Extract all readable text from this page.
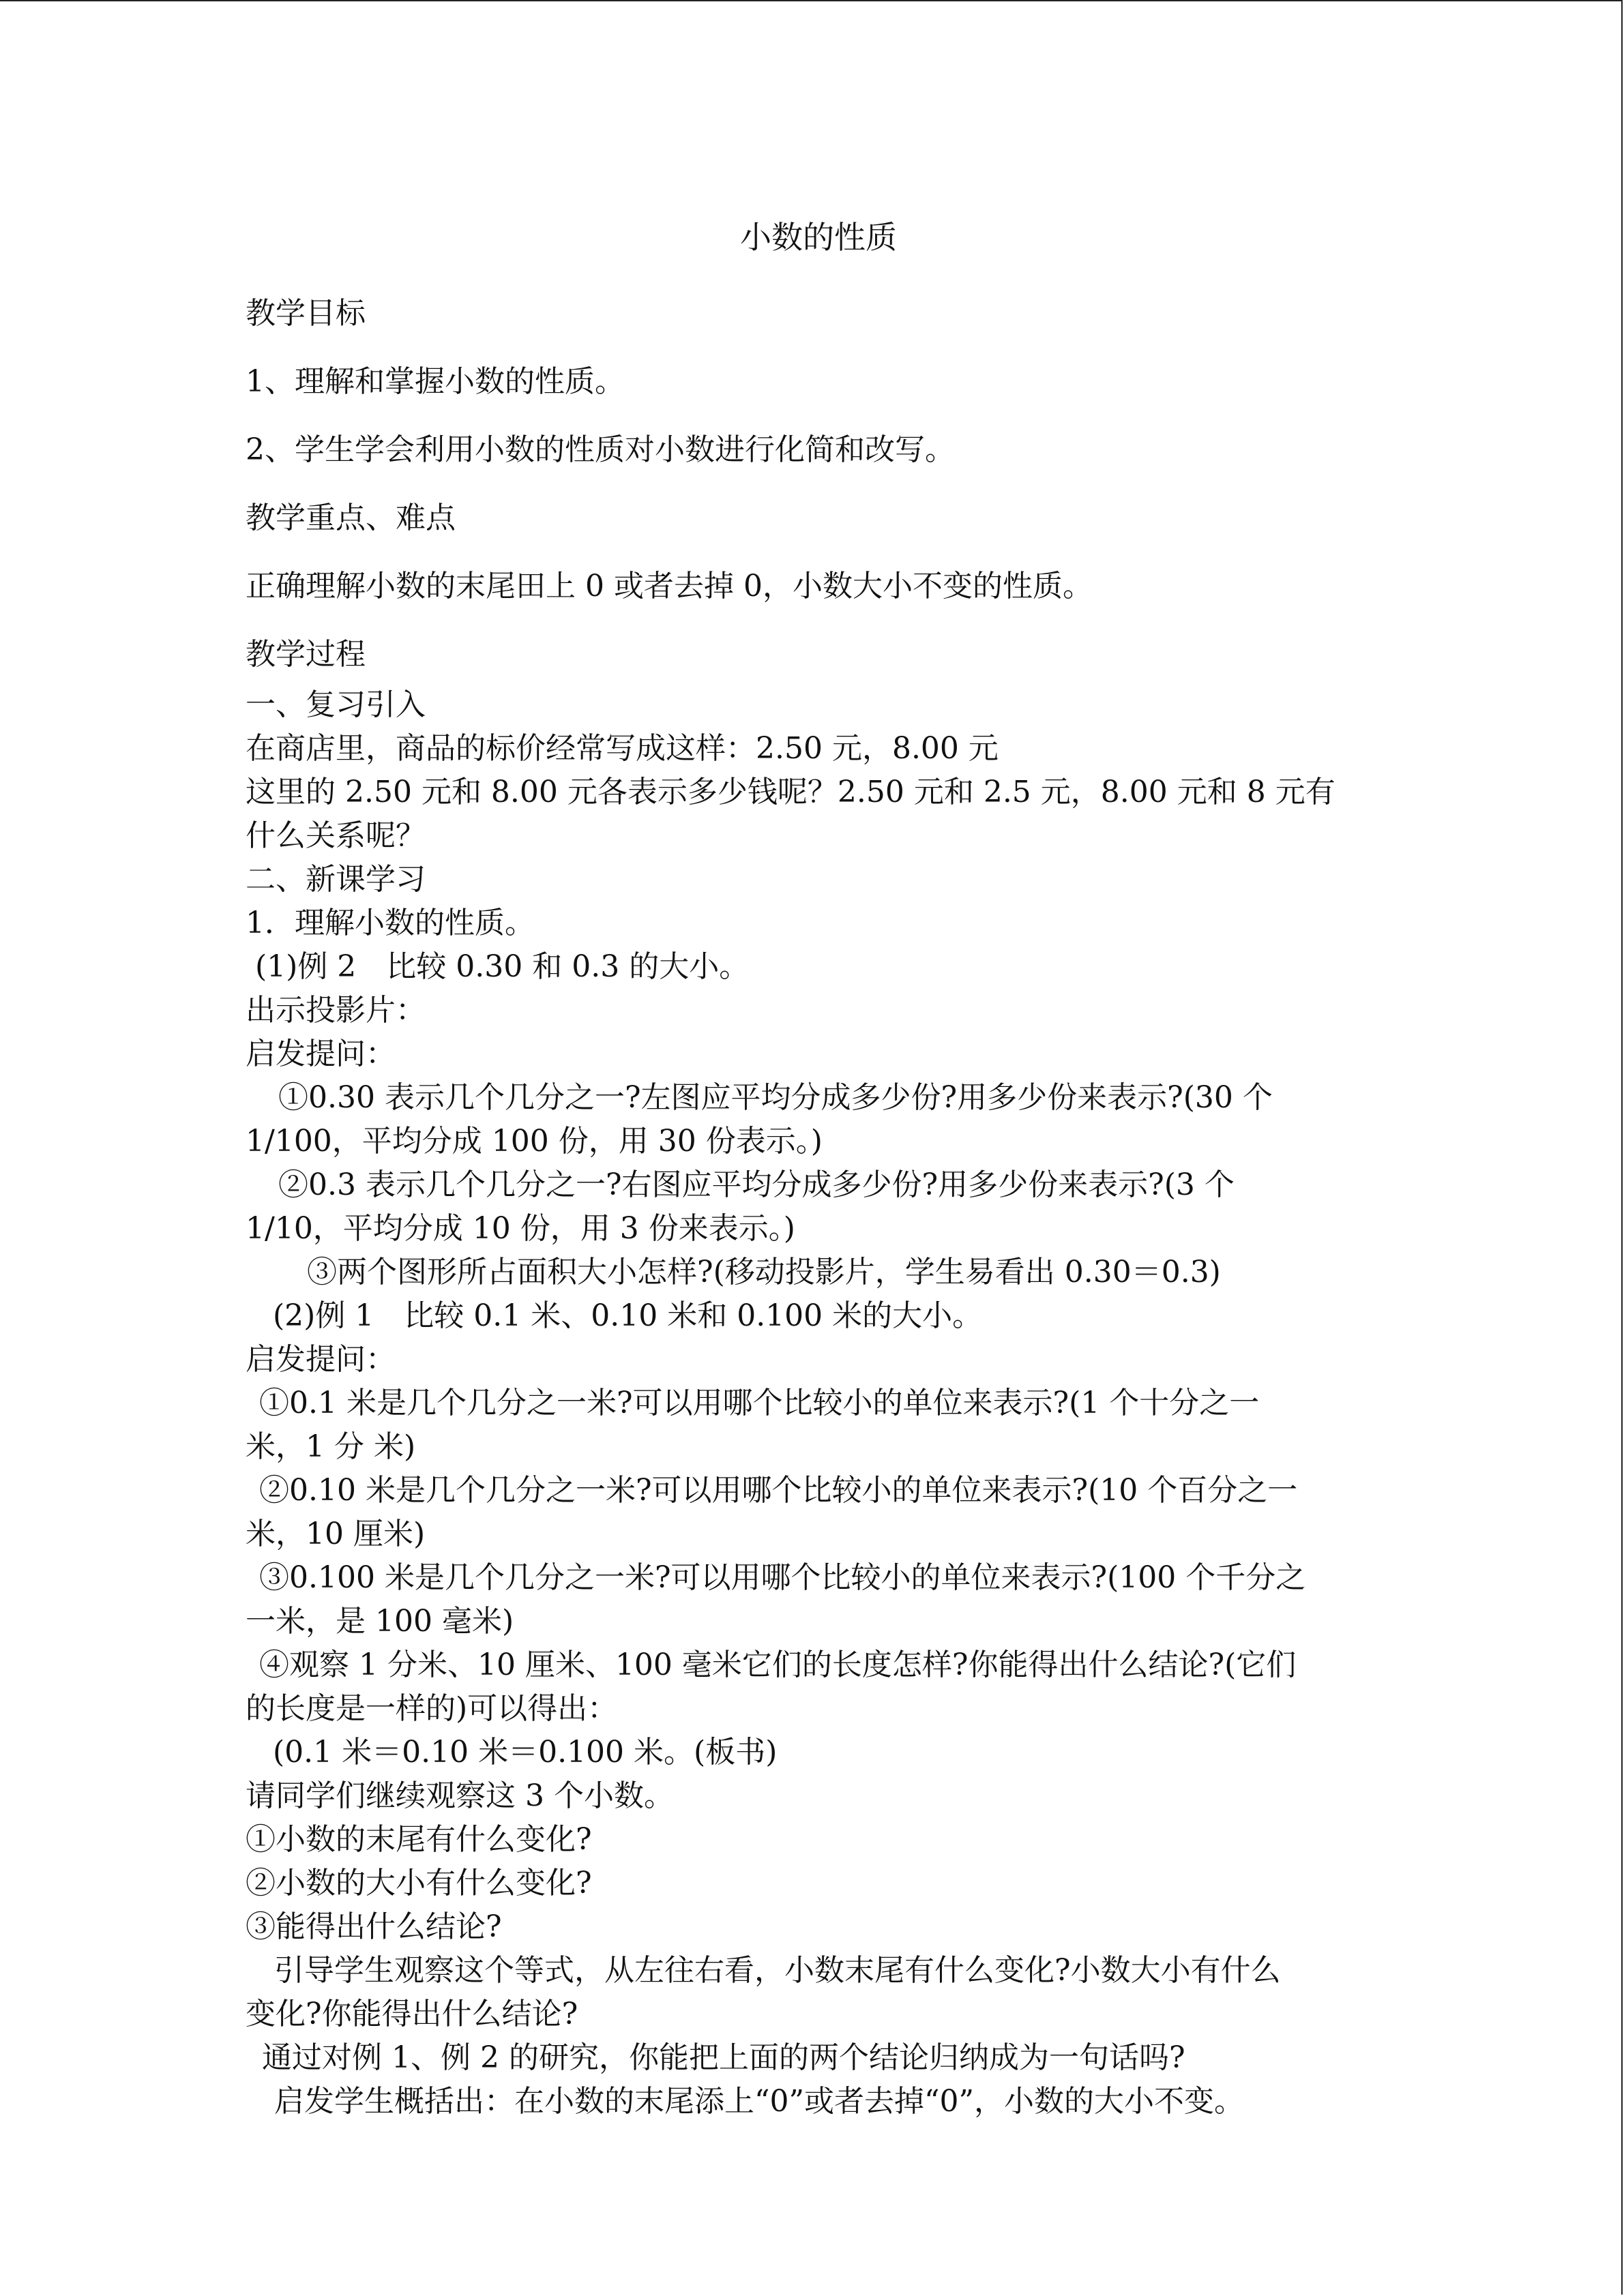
小数的性质
教学目标
1、理解和掌握小数的性质。
2、学生学会利用小数的性质对小数进行化简和改写。
教学重点、难点
正确理解小数的末尾田上 0 或者去掉 0，小数大小不变的性质。
教学过程
一、复习引入
在商店里，商品的标价经常写成这样：2.50 元，8.00 元
这里的 2.50 元和 8.00 元各表示多少钱呢？2.50 元和 2.5 元，8.00 元和 8 元有
什么关系呢？
二、新课学习
1．理解小数的性质。
(1)例 2　比较 0.30 和 0.3 的大小。
出示投影片：
启发提问：
①0.30 表示几个几分之一?左图应平均分成多少份?用多少份来表示?(30 个
1/100，平均分成 100 份，用 30 份表示。)
②0.3 表示几个几分之一?右图应平均分成多少份?用多少份来表示?(3 个
1/10，平均分成 10 份，用 3 份来表示。)
③两个图形所占面积大小怎样?(移动投影片，学生易看出 0.30＝0.3)
(2)例 1　比较 0.1 米、0.10 米和 0.100 米的大小。
启发提问：
①0.1 米是几个几分之一米?可以用哪个比较小的单位来表示?(1 个十分之一
米，1 分 米)
②0.10 米是几个几分之一米?可以用哪个比较小的单位来表示?(10 个百分之一
米，10 厘米)
③0.100 米是几个几分之一米?可以用哪个比较小的单位来表示?(100 个千分之
一米，是 100 毫米)
④观察 1 分米、10 厘米、100 毫米它们的长度怎样?你能得出什么结论?(它们
的长度是一样的)可以得出：
(0.1 米＝0.10 米＝0.100 米。(板书)
请同学们继续观察这 3 个小数。
①小数的末尾有什么变化?
②小数的大小有什么变化?
③能得出什么结论?
引导学生观察这个等式，从左往右看，小数末尾有什么变化?小数大小有什么
变化?你能得出什么结论?
通过对例 1、例 2 的研究，你能把上面的两个结论归纳成为一句话吗?
启发学生概括出：在小数的末尾添上“0”或者去掉“0”，小数的大小不变。
